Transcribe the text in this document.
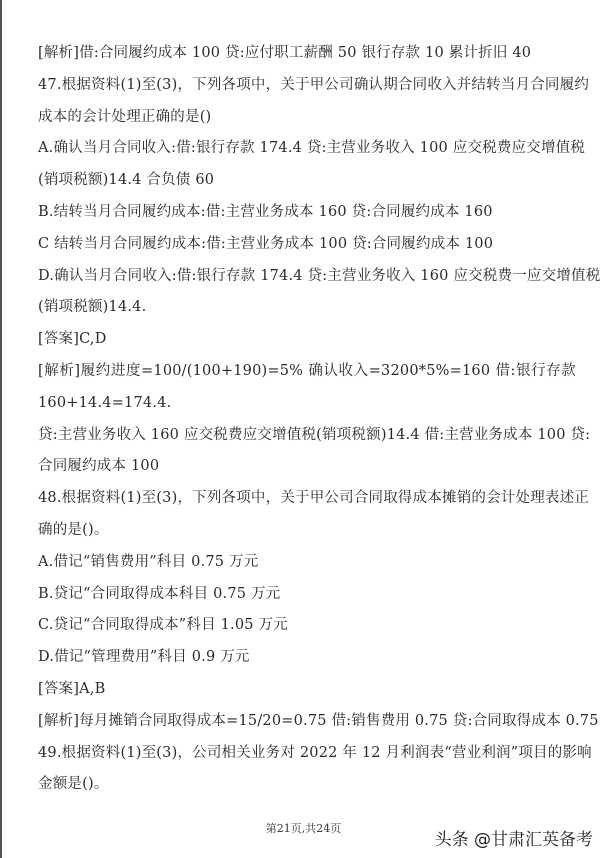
[解析]借:合同履约成本 100 贷:应付职工薪酬 50 银行存款 10 累计折旧 40
47.根据资料(1)至(3)，下列各项中，关于甲公司确认期合同收入并结转当月合同履约
成本的会计处理正确的是()
A.确认当月合同收入:借:银行存款 174.4 贷:主营业务收入 100 应交税费应交增值税
(销项税额)14.4 合负债 60
B.结转当月合同履约成本:借:主营业务成本 160 贷:合同履约成本 160
C 结转当月合同履约成本:借:主营业务成本 100 贷:合同履约成本 100
D.确认当月合同收入:借:银行存款 174.4 贷:主营业务收入 160 应交税费一应交增值税
(销项税额)14.4.
[答案]C,D
[解析]履约进度=100/(100+190)=5% 确认收入=3200*5%=160 借:银行存款
160+14.4=174.4.
贷:主营业务收入 160 应交税费应交增值税(销项税额)14.4 借:主营业务成本 100 贷:
合同履约成本 100
48.根据资料(1)至(3)，下列各项中，关于甲公司合同取得成本摊销的会计处理表述正
确的是()。
A.借记“销售费用”科目 0.75 万元
B.贷记“合同取得成本科目 0.75 万元
C.贷记“合同取得成本”科目 1.05 万元
D.借记“管理费用”科目 0.9 万元
[答案]A,B
[解析]每月摊销合同取得成本=15/20=0.75 借:销售费用 0.75 贷:合同取得成本 0.75
49.根据资料(1)至(3)，公司相关业务对 2022 年 12 月利润表“营业利润”项目的影响
金额是()。
第21页,共24页
头条 @甘肃汇英备考
